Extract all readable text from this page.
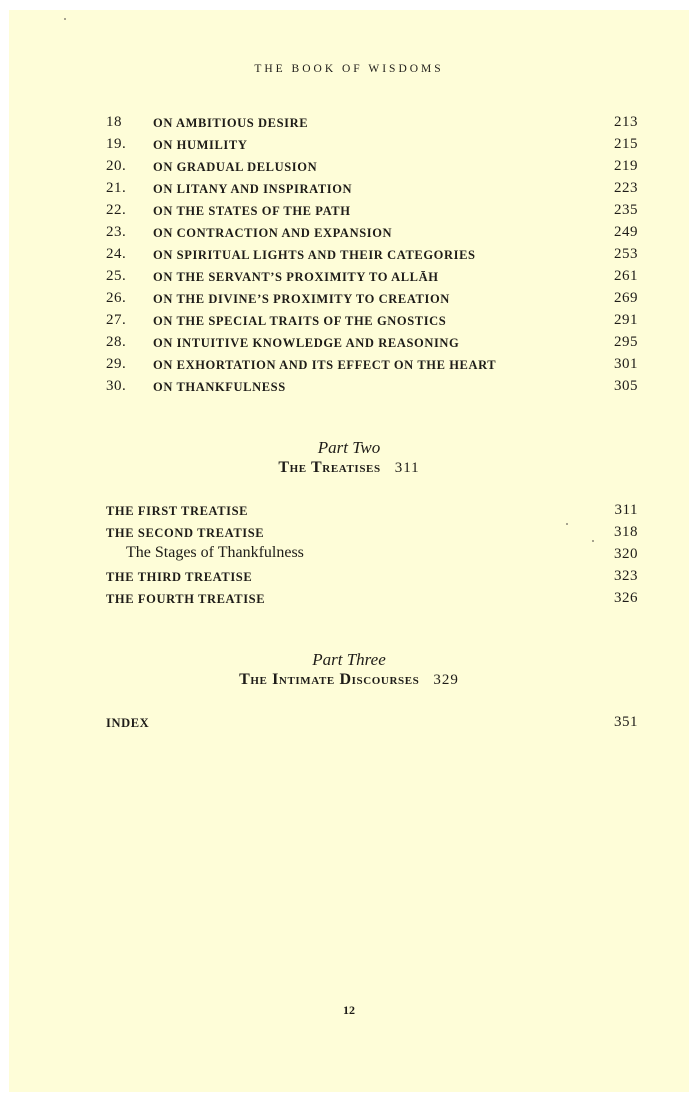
THE BOOK OF WISDOMS
18 ON AMBITIOUS DESIRE	213
19. ON HUMILITY	215
20. ON GRADUAL DELUSION	219
21. ON LITANY AND INSPIRATION	223
22. ON THE STATES OF THE PATH	235
23. ON CONTRACTION AND EXPANSION	249
24. ON SPIRITUAL LIGHTS AND THEIR CATEGORIES	253
25. ON THE SERVANT’S PROXIMITY TO ALLĀH	261
26. ON THE DIVINE’S PROXIMITY TO CREATION	269
27. ON THE SPECIAL TRAITS OF THE GNOSTICS	291
28. ON INTUITIVE KNOWLEDGE AND REASONING	295
29. ON EXHORTATION AND ITS EFFECT ON THE HEART	301
30. ON THANKFULNESS	305
Part Two
The Treatises 311
THE FIRST TREATISE	311
THE SECOND TREATISE	318
The Stages of Thankfulness	320
THE THIRD TREATISE	323
THE FOURTH TREATISE	326
Part Three
The Intimate Discourses 329
INDEX	351
12
